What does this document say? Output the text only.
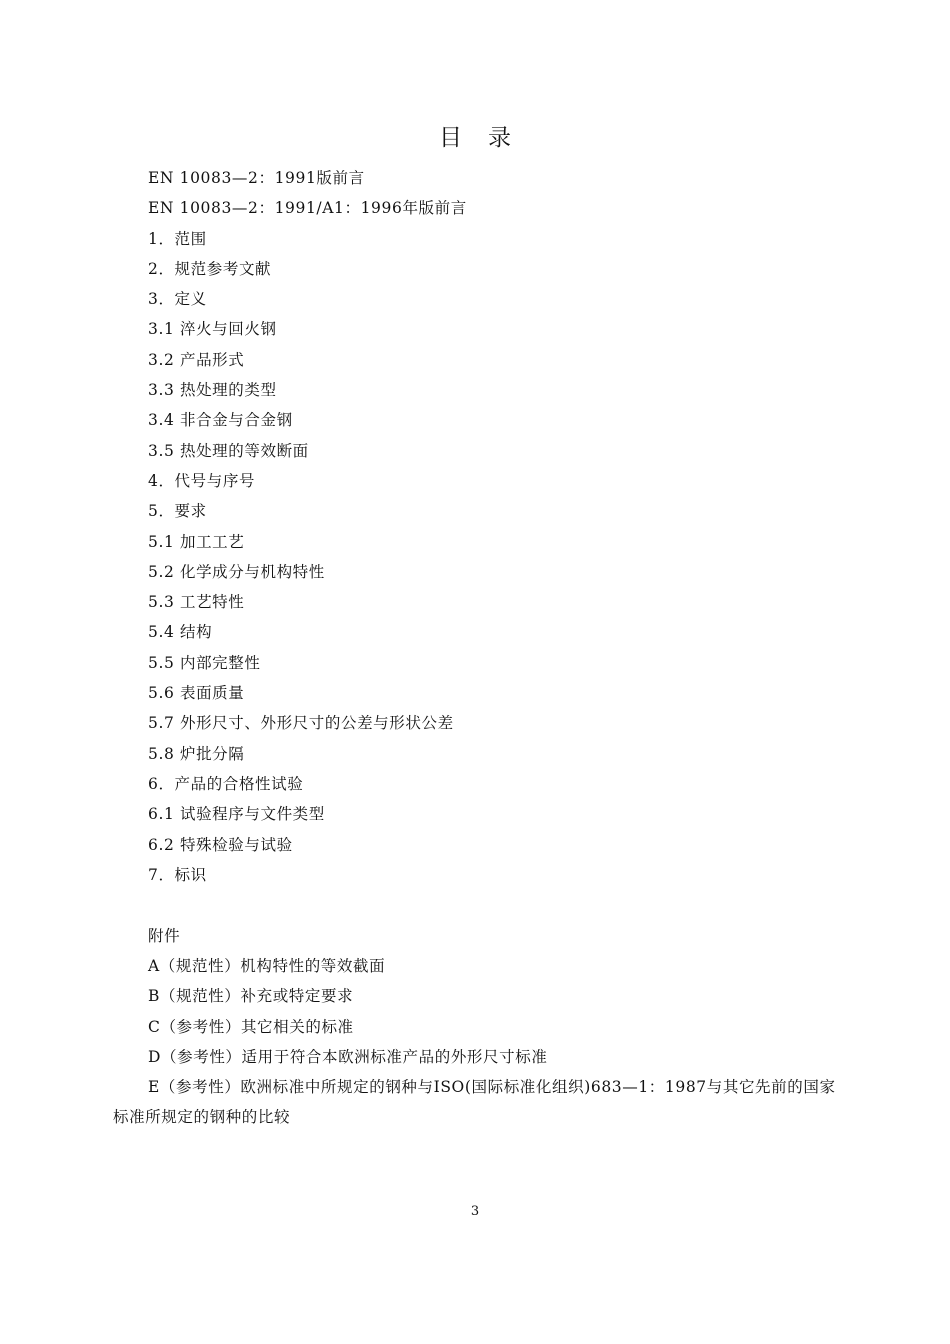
目录
EN 10083—2：1991版前言
EN 10083—2：1991/A1：1996年版前言
1．范围
2．规范参考文献
3．定义
3.1 淬火与回火钢
3.2 产品形式
3.3 热处理的类型
3.4 非合金与合金钢
3.5 热处理的等效断面
4．代号与序号
5．要求
5.1 加工工艺
5.2 化学成分与机构特性
5.3 工艺特性
5.4 结构
5.5 内部完整性
5.6 表面质量
5.7 外形尺寸、外形尺寸的公差与形状公差
5.8 炉批分隔
6．产品的合格性试验
6.1 试验程序与文件类型
6.2 特殊检验与试验
7．标识
附件
A（规范性）机构特性的等效截面
B（规范性）补充或特定要求
C（参考性）其它相关的标准
D（参考性）适用于符合本欧洲标准产品的外形尺寸标准
E（参考性）欧洲标准中所规定的钢种与ISO(国际标准化组织)683—1：1987与其它先前的国家标准所规定的钢种的比较
3
